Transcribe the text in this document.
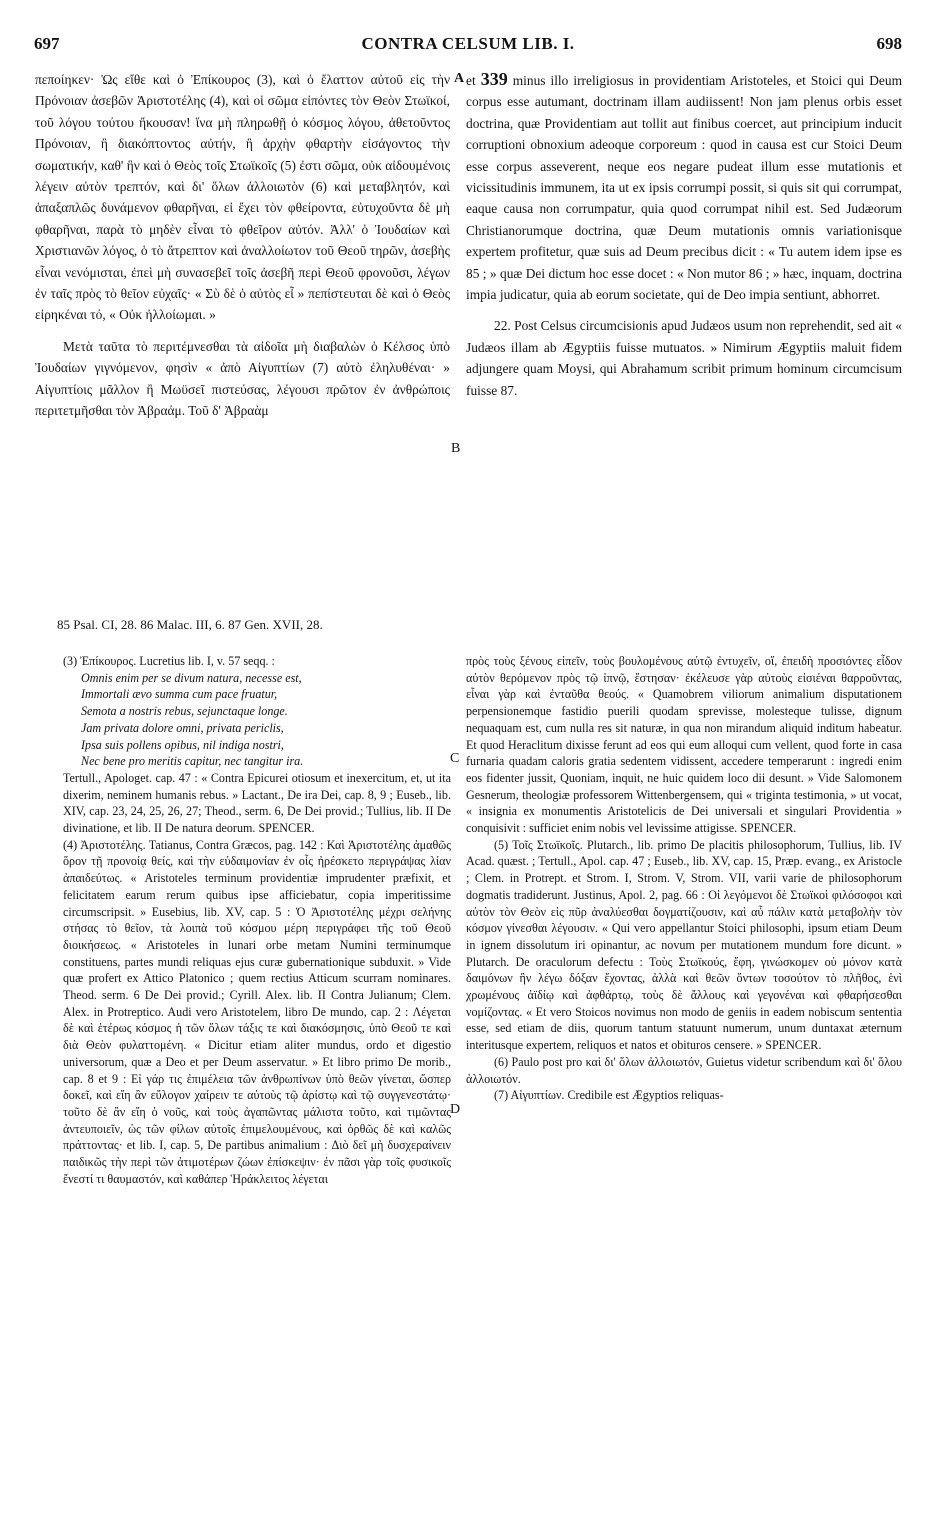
697	CONTRA CELSUM LIB. I.	698
A
B
C
D

πεποίηκεν· Ὡς εἴθε καὶ ὁ Ἐπίκουρος (3), καὶ ὁ ἔλαττον αὐτοῦ εἰς τὴν Πρόνοιαν ἀσεβῶν Ἀριστοτέλης (4), καὶ οἱ σῶμα εἰπόντες τὸν Θεὸν Στωϊκοί, τοῦ λόγου τούτου ἤκουσαν! ἵνα μὴ πληρωθῇ ὁ κόσμος λόγου, ἀθετοῦντος Πρόνοιαν, ἢ διακόπτοντος αὐτήν, ἢ ἀρχὴν φθαρτὴν εἰσάγοντος τὴν σωματικήν, καθ' ἣν καὶ ὁ Θεὸς τοῖς Στωϊκοῖς (5) ἐστι σῶμα, οὐκ αἰδουμένοις λέγειν αὐτὸν τρεπτόν, καὶ δι' ὅλων ἀλλοιωτὸν (6) καὶ μεταβλητόν, καὶ ἁπαξαπλῶς δυνάμενον φθαρῆναι, εἰ ἔχει τὸν φθείροντα, εὐτυχοῦντα δὲ μὴ φθαρῆναι, παρὰ τὸ μηδὲν εἶναι τὸ φθεῖρον αὐτόν. Ἀλλ' ὁ Ἰουδαίων καὶ Χριστιανῶν λόγος, ὁ τὸ ἄτρεπτον καὶ ἀναλλοίωτον τοῦ Θεοῦ τηρῶν, ἀσεβὴς εἶναι νενόμισται, ἐπεὶ μὴ συνασεβεῖ τοῖς ἀσεβῆ περὶ Θεοῦ φρονοῦσι, λέγων ἐν ταῖς πρὸς τὸ θεῖον εὐχαῖς· « Σὺ δὲ ὁ αὐτὸς εἶ » πεπίστευται δὲ καὶ ὁ Θεὸς εἰρηκέναι τό, « Οὐκ ἠλλοίωμαι. »

Μετὰ ταῦτα τὸ περιτέμνεσθαι τὰ αἰδοῖα μὴ διαβαλὼν ὁ Κέλσος ὑπὸ Ἰουδαίων γιγνόμενον, φησὶν « ἀπὸ Αἰγυπτίων (7) αὐτὸ ἐληλυθέναι· » Αἰγυπτίοις μᾶλλον ἢ Μωϋσεῖ πιστεύσας, λέγουσι πρῶτον ἐν ἀνθρώποις περιτετμῆσθαι τὸν Ἀβραάμ. Τοῦ δ' Ἀβραὰμ

et 339 minus illo irreligiosus in providentiam Aristoteles, et Stoici qui Deum corpus esse autumant, doctrinam illam audiissent! Non jam plenus orbis esset doctrina, quæ Providentiam aut tollit aut finibus coercet, aut principium inducit corruptioni obnoxium adeoque corporeum : quod in causa est cur Stoici Deum esse corpus asseverent, neque eos negare pudeat illum esse mutationis et vicissitudinis immunem, ita ut ex ipsis corrumpi possit, si quis sit qui corrumpat, eaque causa non corrumpatur, quia quod corrumpat nihil est. Sed Judæorum Christianorumque doctrina, quæ Deum mutationis omnis variationisque expertem profitetur, quæ suis ad Deum precibus dicit : « Tu autem idem ipse es 85 ; » quæ Dei dictum hoc esse docet : « Non mutor 86 ; » hæc, inquam, doctrina impia judicatur, quia ab eorum societate, qui de Deo impia sentiunt, abhorret.

22. Post Celsus circumcisionis apud Judæos usum non reprehendit, sed ait « Judæos illam ab Ægyptiis fuisse mutuatos. » Nimirum Ægyptiis maluit fidem adjungere quam Moysi, qui Abrahamum scribit primum hominum circumcisum fuisse 87.

85 Psal. CI, 28. 86 Malac. III, 6. 87 Gen. XVII, 28.

(3) Ἐπίκουρος. Lucretius lib. I, v. 57 seqq. :

Omnis enim per se divum natura, necesse est,

Immortali ævo summa cum pace fruatur,

Semota a nostris rebus, sejunctaque longe.

Jam privata dolore omni, privata periclis,

Ipsa suis pollens opibus, nil indiga nostri,

Nec bene pro meritis capitur, nec tangitur ira.

Tertull., Apologet. cap. 47 : « Contra Epicurei otiosum et inexercitum, et, ut ita dixerim, neminem humanis rebus. » Lactant., De ira Dei, cap. 8, 9 ; Euseb., lib. XIV, cap. 23, 24, 25, 26, 27; Theod., serm. 6, De Dei provid.; Tullius, lib. II De divinatione, et lib. II De natura deorum. SPENCER.

(4) Ἀριστοτέλης. Tatianus, Contra Græcos, pag. 142 : Καὶ Ἀριστοτέλης ἀμαθῶς ὅρον τῇ προνοίᾳ θείς, καὶ τὴν εὐδαιμονίαν ἐν οἷς ἠρέσκετο περιγράψας λίαν ἀπαιδεύτως. « Aristoteles terminum providentiæ imprudenter præfixit, et felicitatem earum rerum quibus ipse afficiebatur, copia imperitissime circumscripsit. » Eusebius, lib. XV, cap. 5 : Ὁ Ἀριστοτέλης μέχρι σελήνης στήσας τὸ θεῖον, τὰ λοιπὰ τοῦ κόσμου μέρη περιγράφει τῆς τοῦ Θεοῦ διοικήσεως. « Aristoteles in lunari orbe metam Numini terminumque constituens, partes mundi reliquas ejus curæ gubernationique subduxit. » Vide quæ profert ex Attico Platonico ; quem rectius Atticum scurram nominares. Theod. serm. 6 De Dei provid.; Cyrill. Alex. lib. II Contra Julianum; Clem. Alex. in Protreptico. Audi vero Aristotelem, libro De mundo, cap. 2 : Λέγεται δὲ καὶ ἑτέρως κόσμος ἡ τῶν ὅλων τάξις τε καὶ διακόσμησις, ὑπὸ Θεοῦ τε καὶ διὰ Θεὸν φυλαττομένη. « Dicitur etiam aliter mundus, ordo et digestio universorum, quæ a Deo et per Deum asservatur. » Et libro primo De morib., cap. 8 et 9 : Εἰ γάρ τις ἐπιμέλεια τῶν ἀνθρωπίνων ὑπὸ θεῶν γίνεται, ὥσπερ δοκεῖ, καὶ εἴη ἂν εὔλογον χαίρειν τε αὐτοὺς τῷ ἀρίστῳ καὶ τῷ συγγενεστάτῳ· τοῦτο δὲ ἂν εἴη ὁ νοῦς, καὶ τοὺς ἀγαπῶντας μάλιστα τοῦτο, καὶ τιμῶντας ἀντευποιεῖν, ὡς τῶν φίλων αὐτοῖς ἐπιμελουμένους, καὶ ὀρθῶς δὲ καὶ καλῶς πράττοντας· et lib. I, cap. 5, De partibus animalium : Διὸ δεῖ μὴ δυσχεραίνειν παιδικῶς τὴν περὶ τῶν ἀτιμοτέρων ζώων ἐπίσκεψιν· ἐν πᾶσι γὰρ τοῖς φυσικοῖς ἔνεστί τι θαυμαστόν, καὶ καθάπερ Ἡράκλειτος λέγεται

πρὸς τοὺς ξένους εἰπεῖν, τοὺς βουλομένους αὐτῷ ἐντυχεῖν, οἵ, ἐπειδὴ προσιόντες εἶδον αὐτὸν θερόμενον πρὸς τῷ ἰπνῷ, ἔστησαν· ἐκέλευσε γὰρ αὐτοὺς εἰσιέναι θαρροῦντας, εἶναι γὰρ καὶ ἐνταῦθα θεούς. « Quamobrem viliorum animalium disputationem perpensionemque fastidio puerili quodam sprevisse, molesteque tulisse, dignum nequaquam est, cum nulla res sit naturæ, in qua non mirandum aliquid inditum habeatur. Et quod Heraclitum dixisse ferunt ad eos qui eum alloqui cum vellent, quod forte in casa furnaria quadam caloris gratia sedentem vidissent, accedere temperarunt : ingredi enim eos fidenter jussit, Quoniam, inquit, ne huic quidem loco dii desunt. » Vide Salomonem Gesnerum, theologiæ professorem Wittenbergensem, qui « triginta testimonia, » ut vocat, « insignia ex monumentis Aristotelicis de Dei universali et singulari Providentia » conquisivit : sufficiet enim nobis vel levissime attigisse. SPENCER.

(5) Τοῖς Στωϊκοῖς. Plutarch., lib. primo De placitis philosophorum, Tullius, lib. IV Acad. quæst. ; Tertull., Apol. cap. 47 ; Euseb., lib. XV, cap. 15, Præp. evang., ex Aristocle ; Clem. in Protrept. et Strom. I, Strom. V, Strom. VII, varii varie de philosophorum dogmatis tradiderunt. Justinus, Apol. 2, pag. 66 : Οἱ λεγόμενοι δὲ Στωϊκοὶ φιλόσοφοι καὶ αὐτὸν τὸν Θεὸν εἰς πῦρ ἀναλύεσθαι δογματίζουσιν, καὶ αὖ πάλιν κατὰ μεταβολὴν τὸν κόσμον γίνεσθαι λέγουσιν. « Qui vero appellantur Stoici philosophi, ipsum etiam Deum in ignem dissolutum iri opinantur, ac novum per mutationem mundum fore dicunt. » Plutarch. De oraculorum defectu : Τοὺς Στωϊκούς, ἔφη, γινώσκομεν οὐ μόνον κατὰ δαιμόνων ἣν λέγω δόξαν ἔχοντας, ἀλλὰ καὶ θεῶν ὄντων τοσούτον τὸ πλῆθος, ἑνὶ χρωμένους ἀϊδίῳ καὶ ἀφθάρτῳ, τοὺς δὲ ἄλλους καὶ γεγονέναι καὶ φθαρήσεσθαι νομίζοντας. « Et vero Stoicos novimus non modo de geniis in eadem nobiscum sententia esse, sed etiam de diis, quorum tantum statuunt numerum, unum duntaxat æternum interitusque expertem, reliquos et natos et obituros censere. » SPENCER.

(6) Paulo post pro καὶ δι' ὅλων ἀλλοιωτόν, Guietus videtur scribendum καὶ δι' ὅλου ἀλλοιωτόν.

(7) Αἰγυπτίων. Credibile est Ægyptios reliquas-
